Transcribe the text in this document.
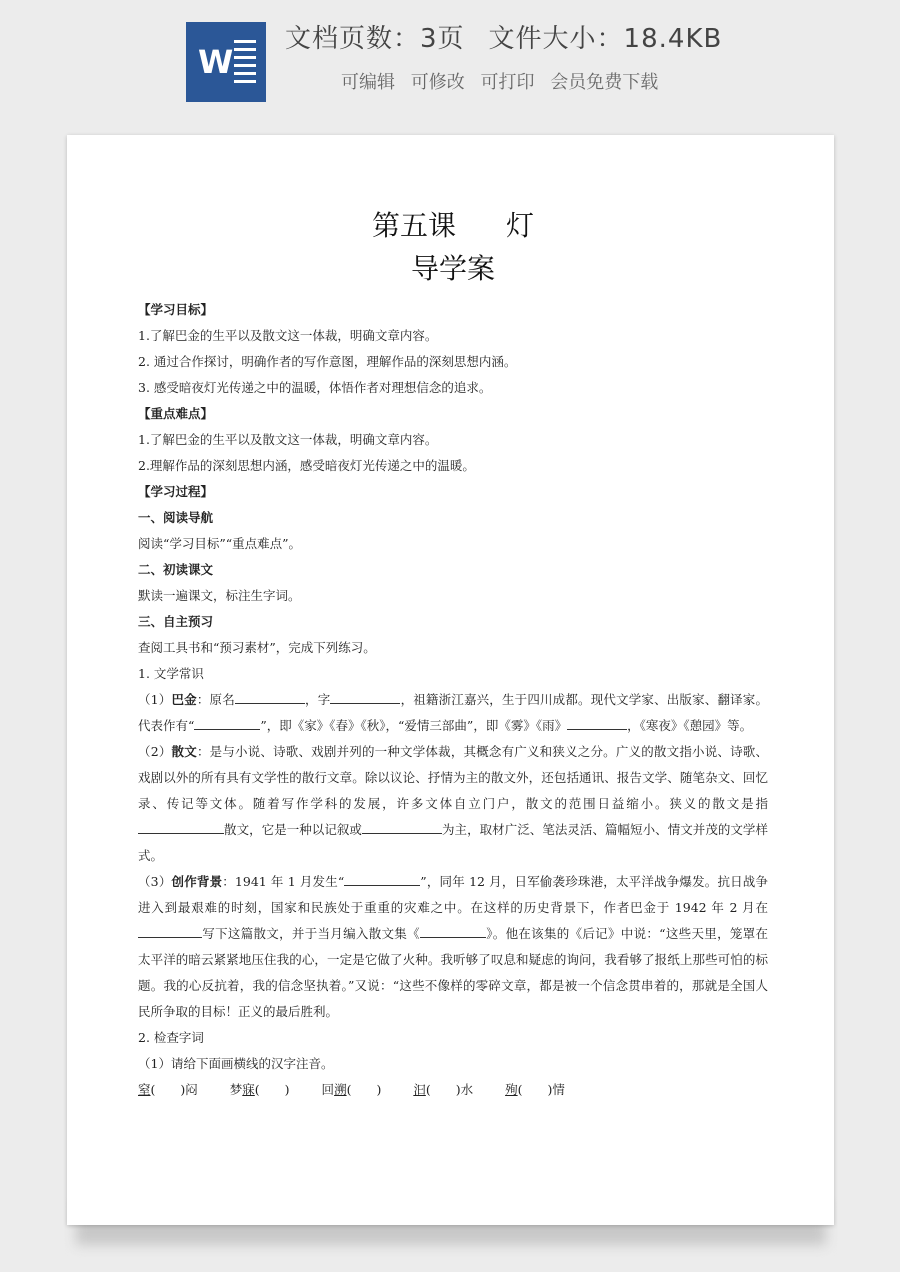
W
文档页数：3页 文件大小：18.4KB
可编辑 可修改 可打印 会员免费下载
第五课 灯
导学案

【学习目标】

1.了解巴金的生平以及散文这一体裁，明确文章内容。

2. 通过合作探讨，明确作者的写作意图，理解作品的深刻思想内涵。

3. 感受暗夜灯光传递之中的温暖，体悟作者对理想信念的追求。

【重点难点】

1.了解巴金的生平以及散文这一体裁，明确文章内容。

2.理解作品的深刻思想内涵，感受暗夜灯光传递之中的温暖。

【学习过程】

一、阅读导航

阅读“学习目标”“重点难点”。

二、初读课文

默读一遍课文，标注生字词。

三、自主预习

查阅工具书和“预习素材”，完成下列练习。

1. 文学常识

（1）巴金：原名	，字	，祖籍浙江嘉兴，生于四川成都。现代文学家、出版家、翻译家。代表作有“	”，即《家》《春》《秋》，“爱情三部曲”，即《雾》《雨》	，《寒夜》《憩园》等。

（2）散文：是与小说、诗歌、戏剧并列的一种文学体裁，其概念有广义和狭义之分。广义的散文指小说、诗歌、戏剧以外的所有具有文学性的散行文章。除以议论、抒情为主的散文外，还包括通讯、报告文学、随笔杂文、回忆录、传记等文体。随着写作学科的发展，许多文体自立门户，散文的范围日益缩小。狭义的散文是指散文，它是一种以记叙或	为主，取材广泛、笔法灵活、篇幅短小、情文并茂的文学样式。

（3）创作背景：1941 年 1 月发生“	”，同年 12 月，日军偷袭珍珠港，太平洋战争爆发。抗日战争进入到最艰难的时刻，国家和民族处于重重的灾难之中。在这样的历史背景下，作者巴金于 1942 年 2 月在写下这篇散文，并于当月编入散文集《	》。他在该集的《后记》中说：“这些天里，笼罩在太平洋的暗云紧紧地压住我的心，一定是它做了火种。我听够了叹息和疑虑的询问，我看够了报纸上那些可怕的标题。我的心反抗着，我的信念坚执着。”又说：“这些不像样的零碎文章，都是被一个信念贯串着的，那就是全国人民所争取的目标！正义的最后胜利。

2. 检查字词

（1）请给下面画横线的汉字注音。

窒(　　)闷	梦寐(　　)	回溯(　　)	汩(　　)水	殉(　　)情
